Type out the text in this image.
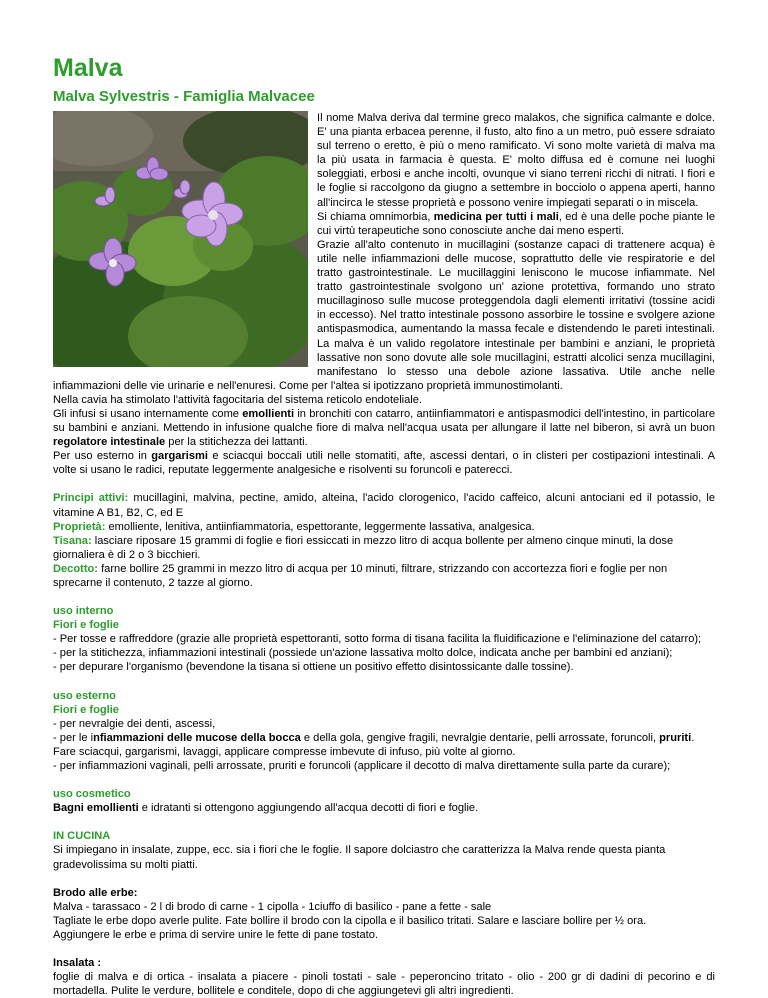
Malva
Malva Sylvestris - Famiglia Malvacee

Il nome Malva deriva dal termine greco malakos, che significa calmante e dolce. E' una pianta erbacea perenne, il fusto, alto fino a un metro, può essere sdraiato sul terreno o eretto, è più o meno ramificato. Vi sono molte varietà di malva ma la più usata in farmacia è questa. E' molto diffusa ed è comune nei luoghi soleggiati, erbosi e anche incolti, ovunque vi siano terreni ricchi di nitrati. I fiori e le foglie si raccolgono da giugno a settembre in bocciolo o appena aperti, hanno all'incirca le stesse proprietà e possono venire impiegati separati o in miscela.

Si chiama omnimorbia, medicina per tutti i mali, ed è una delle poche piante le cui virtù terapeutiche sono conosciute anche dai meno esperti.

Grazie all'alto contenuto in mucillagini (sostanze capaci di trattenere acqua) è utile nelle infiammazioni delle mucose, soprattutto delle vie respiratorie e del tratto gastrointestinale. Le mucillaggini leniscono le mucose infiammate. Nel tratto gastrointestinale svolgono un' azione protettiva, formando uno strato mucillaginoso sulle mucose proteggendola dagli elementi irritativi (tossine acidi in eccesso). Nel tratto intestinale possono assorbire le tossine e svolgere azione antispasmodica, aumentando la massa fecale e distendendo le pareti intestinali. La malva è un valido regolatore intestinale per bambini e anziani, le proprietà lassative non sono dovute alle sole mucillagini, estratti alcolici senza mucillagini, manifestano lo stesso una debole azione lassativa. Utile anche nelle infiammazioni delle vie urinarie e nell'enuresi. Come per l'altea si ipotizzano proprietà immunostimolanti.

Nella cavia ha stimolato l'attività fagocitaria del sistema reticolo endoteliale.

Gli infusi si usano internamente come emollienti in bronchiti con catarro, antiinfiammatori e antispasmodici dell'intestino, in particolare su bambini e anziani. Mettendo in infusione qualche fiore di malva nell'acqua usata per allungare il latte nel biberon, si avrà un buon regolatore intestinale per la stitichezza dei lattanti.

Per uso esterno in gargarismi e sciacqui boccali utili nelle stomatiti, afte, ascessi dentari, o in clisteri per costipazioni intestinali. A volte si usano le radici, reputate leggermente analgesiche e risolventi su foruncoli e paterecci.

Principi attivi: mucillagini, malvina, pectine, amido, alteina, l'acido clorogenico, l'acido caffeico, alcuni antociani ed il potassio, le vitamine A B1, B2, C, ed E

Proprietà: emolliente, lenitiva, antiinfiammatoria, espettorante, leggermente lassativa, analgesica.

Tisana: lasciare riposare 15 grammi di foglie e fiori essiccati in mezzo litro di acqua bollente per almeno cinque minuti, la dose giornaliera è di 2 o 3 bicchieri.

Decotto: farne bollire 25 grammi in mezzo litro di acqua per 10 minuti, filtrare, strizzando con accortezza fiori e foglie per non sprecarne il contenuto, 2 tazze al giorno.

uso interno

Fiori e foglie

- Per tosse e raffreddore (grazie alle proprietà espettoranti, sotto forma di tisana facilita la fluidificazione e l'eliminazione del catarro);

- per la stitichezza, infiammazioni intestinali (possiede un'azione lassativa molto dolce, indicata anche per bambini ed anziani);

- per depurare l'organismo (bevendone la tisana si ottiene un positivo effetto disintossicante dalle tossine).

uso esterno

Fiori e foglie

- per nevralgie dei denti, ascessi,

- per le infiammazioni delle mucose della bocca e della gola, gengive fragili, nevralgie dentarie, pelli arrossate, foruncoli, pruriti.

Fare sciacqui, gargarismi, lavaggi, applicare compresse imbevute di infuso, più volte al giorno.

- per infiammazioni vaginali, pelli arrossate, pruriti e foruncoli (applicare il decotto di malva direttamente sulla parte da curare);

uso cosmetico

Bagni emollienti e idratanti si ottengono aggiungendo all'acqua decotti di fiori e foglie.

IN CUCINA

Si impiegano in insalate, zuppe, ecc. sia i fiori che le foglie. Il sapore dolciastro che caratterizza la Malva rende questa pianta gradevolissima su molti piatti.

Brodo alle erbe:

Malva - tarassaco - 2 l di brodo di carne - 1 cipolla - 1ciuffo di basilico - pane a fette - sale

Tagliate le erbe dopo averle pulite. Fate bollire il brodo con la cipolla e il basilico tritati. Salare e lasciare bollire per ½ ora.

Aggiungere le erbe e prima di servire unire le fette di pane tostato.

Insalata :

foglie di malva e di ortica - insalata a piacere - pinoli tostati - sale - peperoncino tritato - olio - 200 gr di dadini di pecorino e di mortadella. Pulite le verdure, bollitele e conditele, dopo di che aggiungetevi gli altri ingredienti.
